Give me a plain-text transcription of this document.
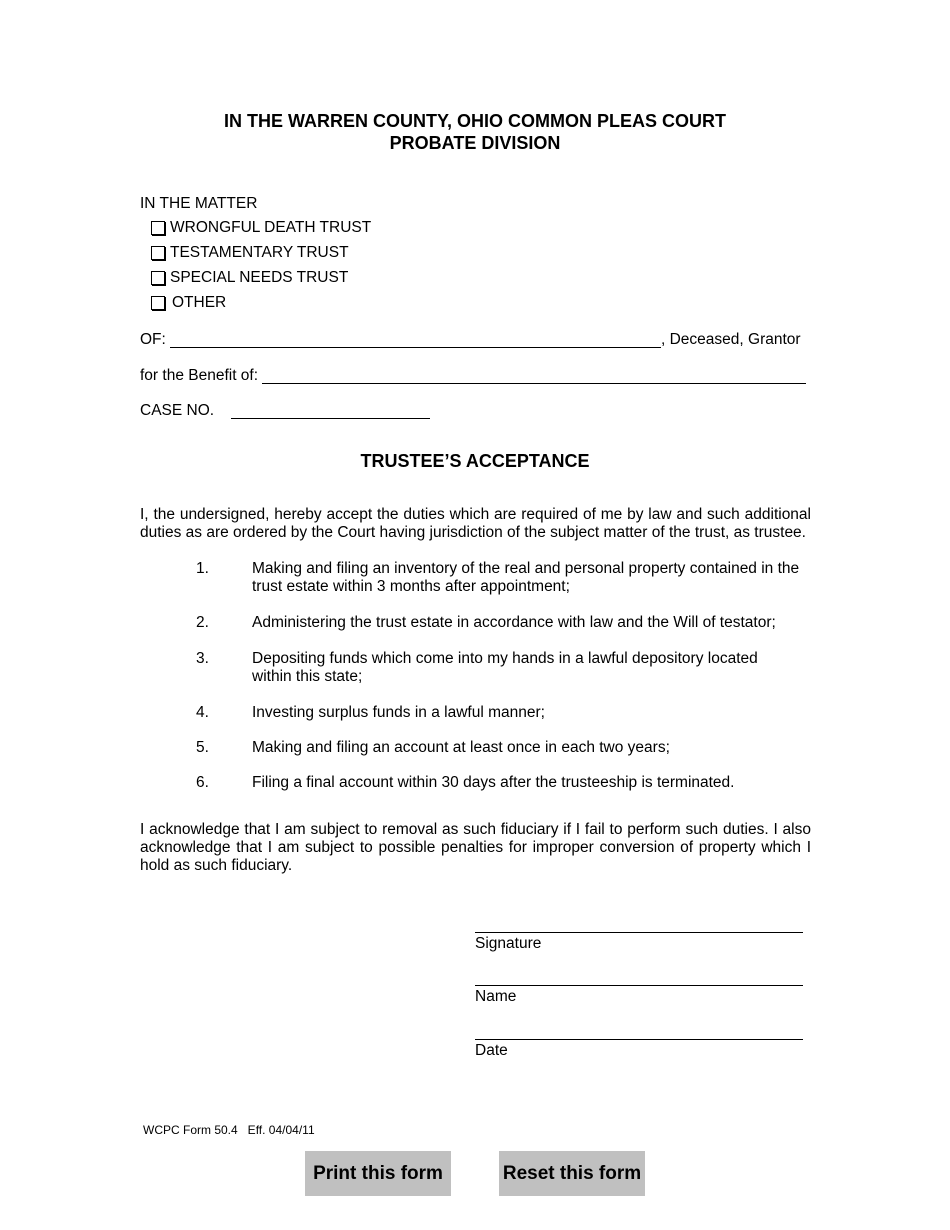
IN THE WARREN COUNTY, OHIO COMMON PLEAS COURT
PROBATE DIVISION
IN THE MATTER
WRONGFUL DEATH TRUST
TESTAMENTARY TRUST
SPECIAL NEEDS TRUST
OTHER
OF:	, Deceased, Grantor
for the Benefit of:
CASE NO.
TRUSTEE’S ACCEPTANCE
I, the undersigned, hereby accept the duties which are required of me by law and such additional duties as are ordered by the Court having jurisdiction of the subject matter of the trust, as trustee.
1.	Making and filing an inventory of the real and personal property contained in the trust estate within 3 months after appointment;
2.	Administering the trust estate in accordance with law and the Will of testator;
3.	Depositing funds which come into my hands in a lawful depository located within this state;
4.	Investing surplus funds in a lawful manner;
5.	Making and filing an account at least once in each two years;
6.	Filing a final account within 30 days after the trusteeship is terminated.
I acknowledge that I am subject to removal as such fiduciary if I fail to perform such duties. I also acknowledge that I am subject to possible penalties for improper conversion of property which I hold as such fiduciary.
Signature
Name
Date
WCPC Form 50.4   Eff. 04/04/11
Print this form	Reset this form
